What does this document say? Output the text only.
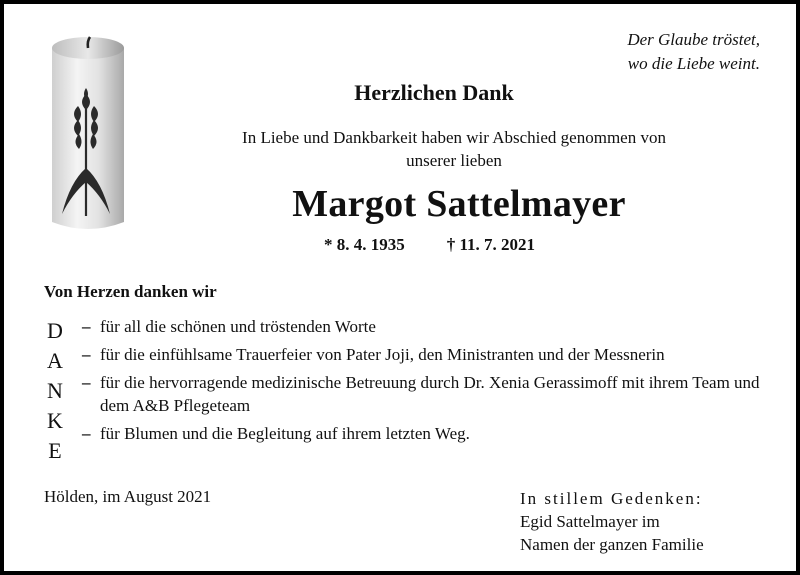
Der Glaube tröstet,
wo die Liebe weint.
Herzlichen Dank
In Liebe und Dankbarkeit haben wir Abschied genommen von
unserer lieben
Margot Sattelmayer
* 8. 4. 1935 † 11. 7. 2021
Von Herzen danken wir
D
A
N
K
E
– für all die schönen und tröstenden Worte
– für die einfühlsame Trauerfeier von Pater Joji, den Ministranten und der Messnerin
– für die hervorragende medizinische Betreuung durch Dr. Xenia Gerassimoff mit ihrem Team und dem A&B Pflegeteam
– für Blumen und die Begleitung auf ihrem letzten Weg.
Hölden, im August 2021	In stillem Gedenken:
Egid Sattelmayer im
Namen der ganzen Familie
